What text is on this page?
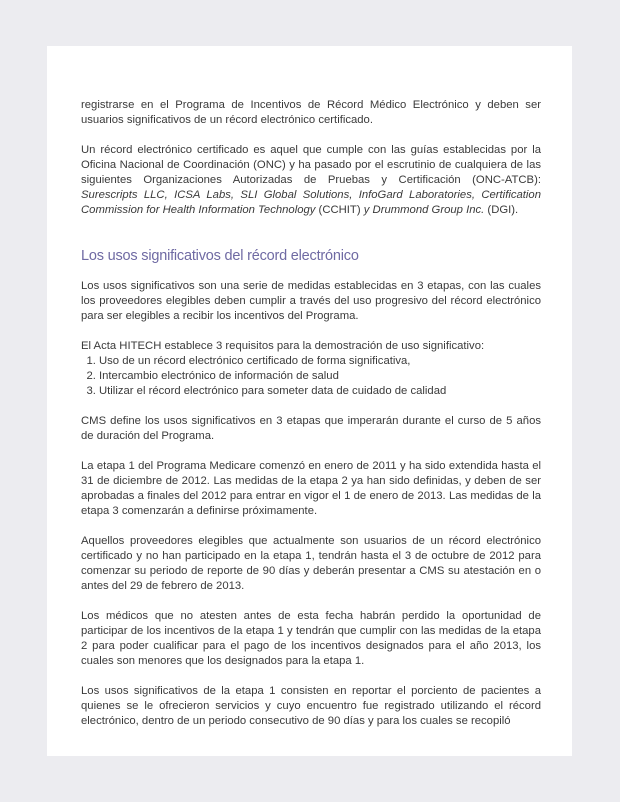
registrarse en el Programa de Incentivos de Récord Médico Electrónico y deben ser usuarios significativos de un récord electrónico certificado.

Un récord electrónico certificado es aquel que cumple con las guías establecidas por la Oficina Nacional de Coordinación (ONC) y ha pasado por el escrutinio de cualquiera de las siguientes Organizaciones Autorizadas de Pruebas y Certificación (ONC-ATCB): Surescripts LLC, ICSA Labs, SLI Global Solutions, InfoGard Laboratories, Certification Commission for Health Information Technology (CCHIT) y Drummond Group Inc. (DGI).

Los usos significativos del récord electrónico

Los usos significativos son una serie de medidas establecidas en 3 etapas, con las cuales los proveedores elegibles deben cumplir a través del uso progresivo del récord electrónico para ser elegibles a recibir los incentivos del Programa.

El Acta HITECH establece 3 requisitos para la demostración de uso significativo:

1. Uso de un récord electrónico certificado de forma significativa,
2. Intercambio electrónico de información de salud
3. Utilizar el récord electrónico para someter data de cuidado de calidad

CMS define los usos significativos en 3 etapas que imperarán durante el curso de 5 años de duración del Programa.

La etapa 1 del Programa Medicare comenzó en enero de 2011 y ha sido extendida hasta el 31 de diciembre de 2012. Las medidas de la etapa 2 ya han sido definidas, y deben de ser aprobadas a finales del 2012 para entrar en vigor el 1 de enero de 2013. Las medidas de la etapa 3 comenzarán a definirse próximamente.

Aquellos proveedores elegibles que actualmente son usuarios de un récord electrónico certificado y no han participado en la etapa 1, tendrán hasta el 3 de octubre de 2012 para comenzar su periodo de reporte de 90 días y deberán presentar a CMS su atestación en o antes del 29 de febrero de 2013.

Los médicos que no atesten antes de esta fecha habrán perdido la oportunidad de participar de los incentivos de la etapa 1 y tendrán que cumplir con las medidas de la etapa 2 para poder cualificar para el pago de los incentivos designados para el año 2013, los cuales son menores que los designados para la etapa 1.

Los usos significativos de la etapa 1 consisten en reportar el porciento de pacientes a quienes se le ofrecieron servicios y cuyo encuentro fue registrado utilizando el récord electrónico, dentro de un periodo consecutivo de 90 días y para los cuales se recopiló
